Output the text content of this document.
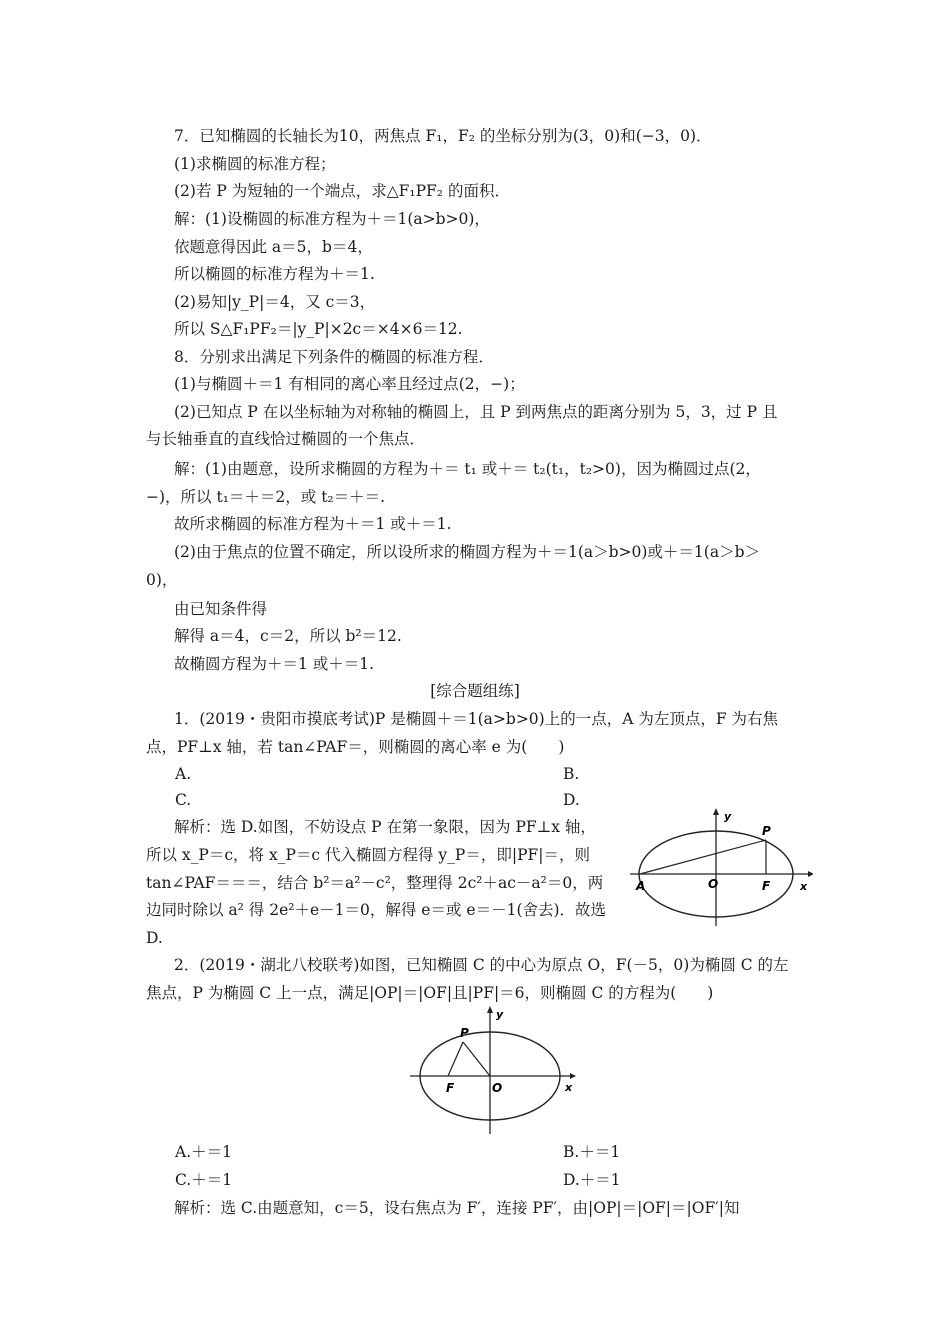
7．已知椭圆的长轴长为10，两焦点 F₁，F₂ 的坐标分别为(3，0)和(−3，0)．
(1)求椭圆的标准方程；
(2)若 P 为短轴的一个端点，求△F₁PF₂ 的面积．
解：(1)设椭圆的标准方程为＋＝1(a>b>0)，
依题意得因此 a＝5，b＝4，
所以椭圆的标准方程为＋＝1.
(2)易知|y_P|＝4，又 c＝3，
所以 S△F₁PF₂＝|y_P|×2c＝×4×6＝12.
8．分别求出满足下列条件的椭圆的标准方程．
(1)与椭圆＋＝1 有相同的离心率且经过点(2，−)；
(2)已知点 P 在以坐标轴为对称轴的椭圆上，且 P 到两焦点的距离分别为 5，3，过 P 且
与长轴垂直的直线恰过椭圆的一个焦点．
解：(1)由题意，设所求椭圆的方程为＋＝ t₁ 或＋＝ t₂(t₁，t₂>0)，因为椭圆过点(2，
−)，所以 t₁＝＋＝2，或 t₂＝＋＝.
故所求椭圆的标准方程为＋＝1 或＋＝1.
(2)由于焦点的位置不确定，所以设所求的椭圆方程为＋＝1(a＞b>0)或＋＝1(a＞b＞
0)，
由已知条件得
解得 a＝4，c＝2，所以 b²＝12.
故椭圆方程为＋＝1 或＋＝1.
[综合题组练]
1．(2019・贵阳市摸底考试)P 是椭圆＋＝1(a>b>0)上的一点，A 为左顶点，F 为右焦
点，PF⊥x 轴，若 tan∠PAF＝，则椭圆的离心率 e 为(　　)
A.	B.
C.	D.
解析：选 D.如图，不妨设点 P 在第一象限，因为 PF⊥x 轴，
所以 x_P＝c，将 x_P＝c 代入椭圆方程得 y_P＝，即|PF|＝，则
tan∠PAF＝＝＝，结合 b²＝a²－c²，整理得 2c²＋ac－a²＝0，两
边同时除以 a² 得 2e²＋e－1＝0，解得 e＝或 e＝－1(舍去)．故选
D.
y
x
P
A	O	F
2．(2019・湖北八校联考)如图，已知椭圆 C 的中心为原点 O，F(－5，0)为椭圆 C 的左
焦点，P 为椭圆 C 上一点，满足|OP|＝|OF|且|PF|＝6，则椭圆 C 的方程为(　　)
y
x
P
F	O
A.＋＝1	B.＋＝1
C.＋＝1	D.＋＝1
解析：选 C.由题意知，c＝5，设右焦点为 F′，连接 PF′，由|OP|＝|OF|＝|OF′|知
